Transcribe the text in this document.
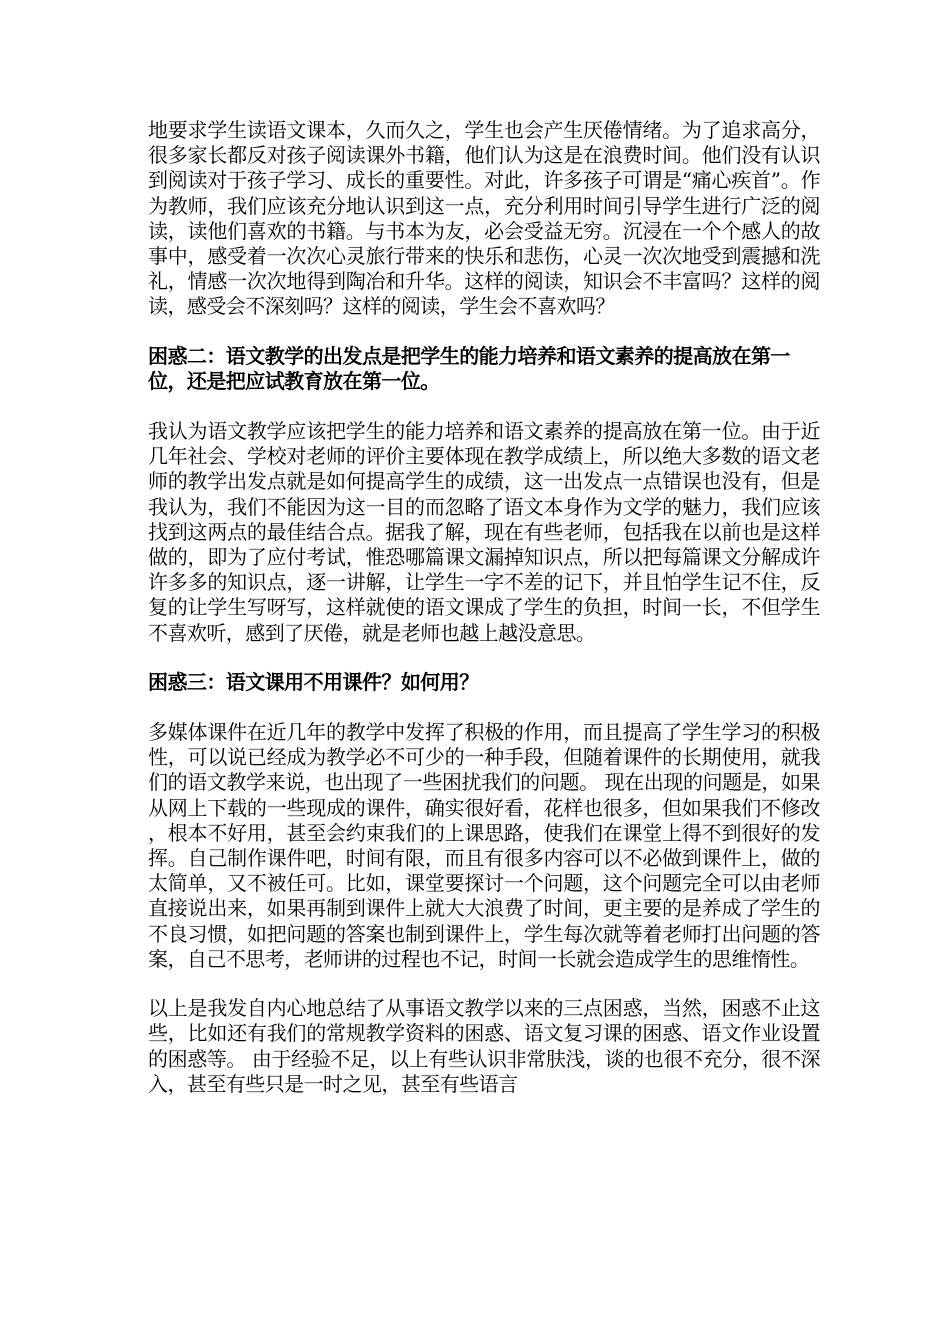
地要求学生读语文课本，久而久之，学生也会产生厌倦情绪。为了追求高分，很多家长都反对孩子阅读课外书籍，他们认为这是在浪费时间。他们没有认识到阅读对于孩子学习、成长的重要性。对此，许多孩子可谓是“痛心疾首”。作为教师，我们应该充分地认识到这一点，充分利用时间引导学生进行广泛的阅读，读他们喜欢的书籍。与书本为友，必会受益无穷。沉浸在一个个感人的故事中，感受着一次次心灵旅行带来的快乐和悲伤，心灵一次次地受到震撼和洗礼，情感一次次地得到陶冶和升华。这样的阅读，知识会不丰富吗？这样的阅读，感受会不深刻吗？这样的阅读，学生会不喜欢吗？

困惑二：语文教学的出发点是把学生的能力培养和语文素养的提高放在第一位，还是把应试教育放在第一位。

我认为语文教学应该把学生的能力培养和语文素养的提高放在第一位。由于近几年社会、学校对老师的评价主要体现在教学成绩上，所以绝大多数的语文老师的教学出发点就是如何提高学生的成绩，这一出发点一点错误也没有，但是我认为，我们不能因为这一目的而忽略了语文本身作为文学的魅力，我们应该找到这两点的最佳结合点。据我了解，现在有些老师，包括我在以前也是这样做的，即为了应付考试，惟恐哪篇课文漏掉知识点，所以把每篇课文分解成许许多多的知识点，逐一讲解，让学生一字不差的记下，并且怕学生记不住，反复的让学生写呀写，这样就使的语文课成了学生的负担，时间一长，不但学生不喜欢听，感到了厌倦，就是老师也越上越没意思。

困惑三：语文课用不用课件？如何用？

多媒体课件在近几年的教学中发挥了积极的作用，而且提高了学生学习的积极性，可以说已经成为教学必不可少的一种手段，但随着课件的长期使用，就我们的语文教学来说，也出现了一些困扰我们的问题。 现在出现的问题是，如果从网上下载的一些现成的课件，确实很好看，花样也很多，但如果我们不修改，根本不好用，甚至会约束我们的上课思路，使我们在课堂上得不到很好的发挥。自己制作课件吧，时间有限，而且有很多内容可以不必做到课件上，做的太简单，又不被任可。比如，课堂要探讨一个问题，这个问题完全可以由老师直接说出来，如果再制到课件上就大大浪费了时间，更主要的是养成了学生的不良习惯，如把问题的答案也制到课件上，学生每次就等着老师打出问题的答案，自己不思考，老师讲的过程也不记，时间一长就会造成学生的思维惰性。

以上是我发自内心地总结了从事语文教学以来的三点困惑，当然，困惑不止这些，比如还有我们的常规教学资料的困惑、语文复习课的困惑、语文作业设置的困惑等。 由于经验不足，以上有些认识非常肤浅，谈的也很不充分，很不深入，甚至有些只是一时之见，甚至有些语言
